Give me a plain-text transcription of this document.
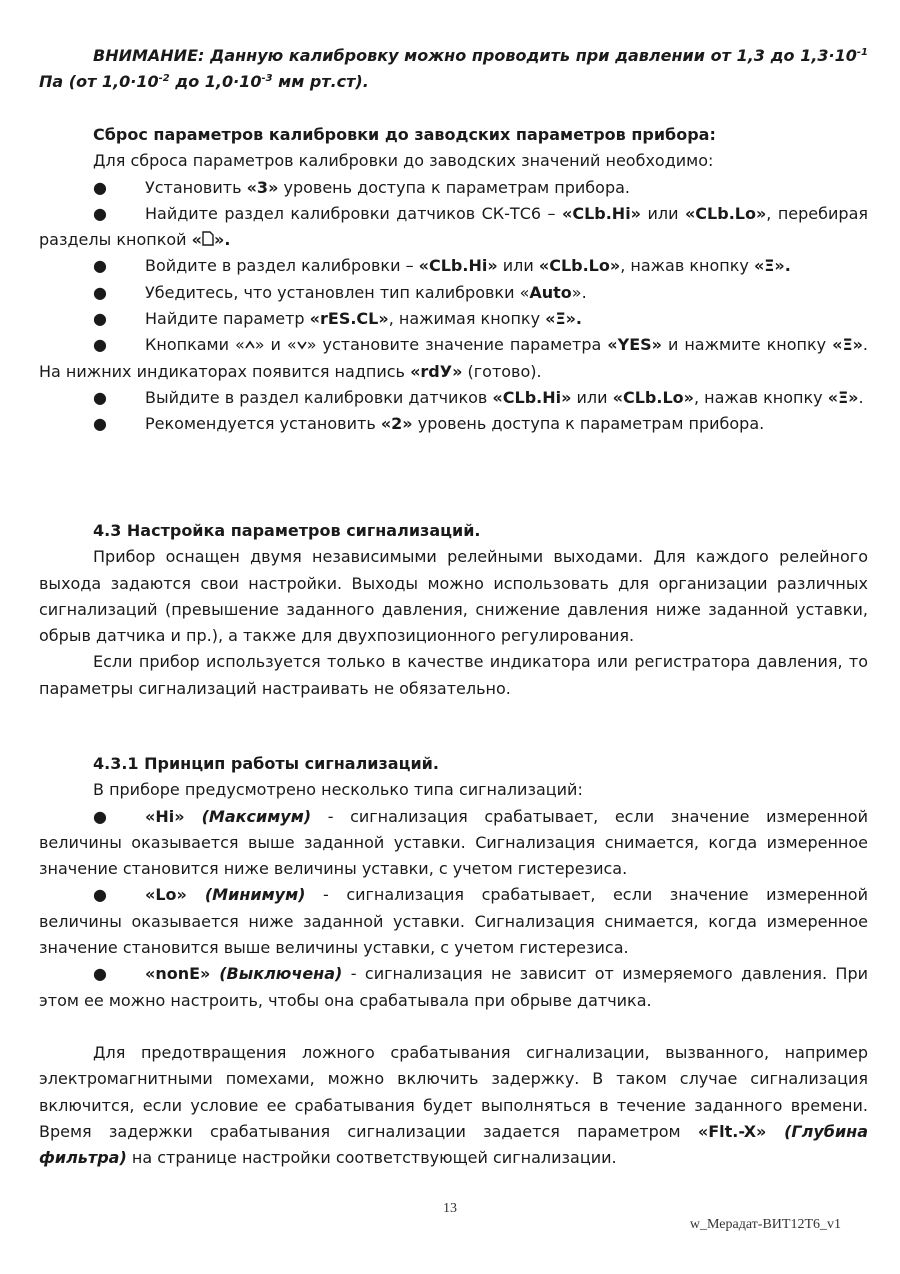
ВНИМАНИЕ: Данную калибровку можно проводить при давлении от 1,3 до $1,3\cdot 10^{-1}$ Па (от $1,0\cdot 10^{-2}$ до $1,0\cdot 10^{-3}$ мм рт.ст).
Сброс параметров калибровки до заводских параметров прибора:
Для сброса параметров калибровки до заводских значений необходимо:
● Установить «3» уровень доступа к параметрам прибора.
● Найдите раздел калибровки датчиков СК-ТС6 – «CLb.Hi» или «CLb.Lo», перебирая разделы кнопкой « ».
● Войдите в раздел калибровки – «CLb.Hi» или «CLb.Lo», нажав кнопку «Ξ».
● Убедитесь, что установлен тип калибровки «Auto».
● Найдите параметр «rES.CL», нажимая кнопку «Ξ».
● Кнопками « » и « » установите значение параметра «YES» и нажмите кнопку «Ξ». На нижних индикаторах появится надпись «rdУ» (готово).
● Выйдите в раздел калибровки датчиков «CLb.Hi» или «CLb.Lo», нажав кнопку «Ξ».
● Рекомендуется установить «2» уровень доступа к параметрам прибора.
4.3 Настройка параметров сигнализаций.
Прибор оснащен двумя независимыми релейными выходами. Для каждого релейного выхода задаются свои настройки. Выходы можно использовать для организации различных сигнализаций (превышение заданного давления, снижение давления ниже заданной уставки, обрыв датчика и пр.), а также для двухпозиционного регулирования.
Если прибор используется только в качестве индикатора или регистратора давления, то параметры сигнализаций настраивать не обязательно.
4.3.1 Принцип работы сигнализаций.
В приборе предусмотрено несколько типа сигнализаций:
● «Hi» (Максимум) - сигнализация срабатывает, если значение измеренной величины оказывается выше заданной уставки. Сигнализация снимается, когда измеренное значение становится ниже величины уставки, с учетом гистерезиса.
● «Lo» (Минимум) - сигнализация срабатывает, если значение измеренной величины оказывается ниже заданной уставки. Сигнализация снимается, когда измеренное значение становится выше величины уставки, с учетом гистерезиса.
● «nonE» (Выключена) - сигнализация не зависит от измеряемого давления. При этом ее можно настроить, чтобы она срабатывала при обрыве датчика.
Для предотвращения ложного срабатывания сигнализации, вызванного, например электромагнитными помехами, можно включить задержку. В таком случае сигнализация включится, если условие ее срабатывания будет выполняться в течение заданного времени. Время задержки срабатывания сигнализации задается параметром «Flt.-X» (Глубина фильтра) на странице настройки соответствующей сигнализации.
13
w_Мерадат-ВИТ12Т6_v1
